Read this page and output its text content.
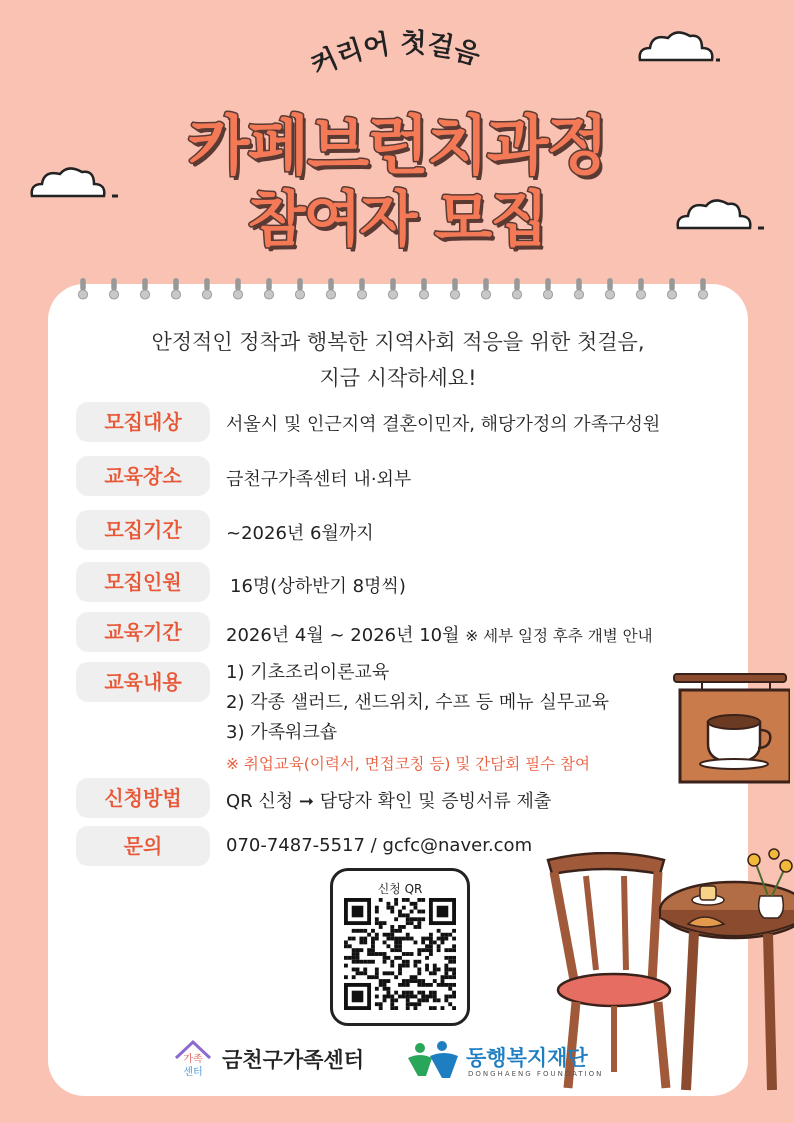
커리어 첫걸음
카페브런치과정
참여자 모집
안정적인 정착과 행복한 지역사회 적응을 위한 첫걸음,
지금 시작하세요!
모집대상	서울시 및 인근지역 결혼이민자, 해당가정의 가족구성원
교육장소	금천구가족센터 내·외부
모집기간	~2026년 6월까지
모집인원	16명(상하반기 8명씩)
교육기간	2026년 4월 ~ 2026년 10월 ※ 세부 일정 후추 개별 안내
교육내용	1) 기초조리이론교육
2) 각종 샐러드, 샌드위치, 수프 등 메뉴 실무교육
3) 가족워크숍
※ 취업교육(이력서, 면접코칭 등) 및 간담회 필수 참여
신청방법	QR 신청 ➞ 담당자 확인 및 증빙서류 제출
문의	070-7487-5517 / gcfc@naver.com
신청 QR
가족
센터
금천구가족센터	동행복지재단
DONGHAENG FOUNDATION
